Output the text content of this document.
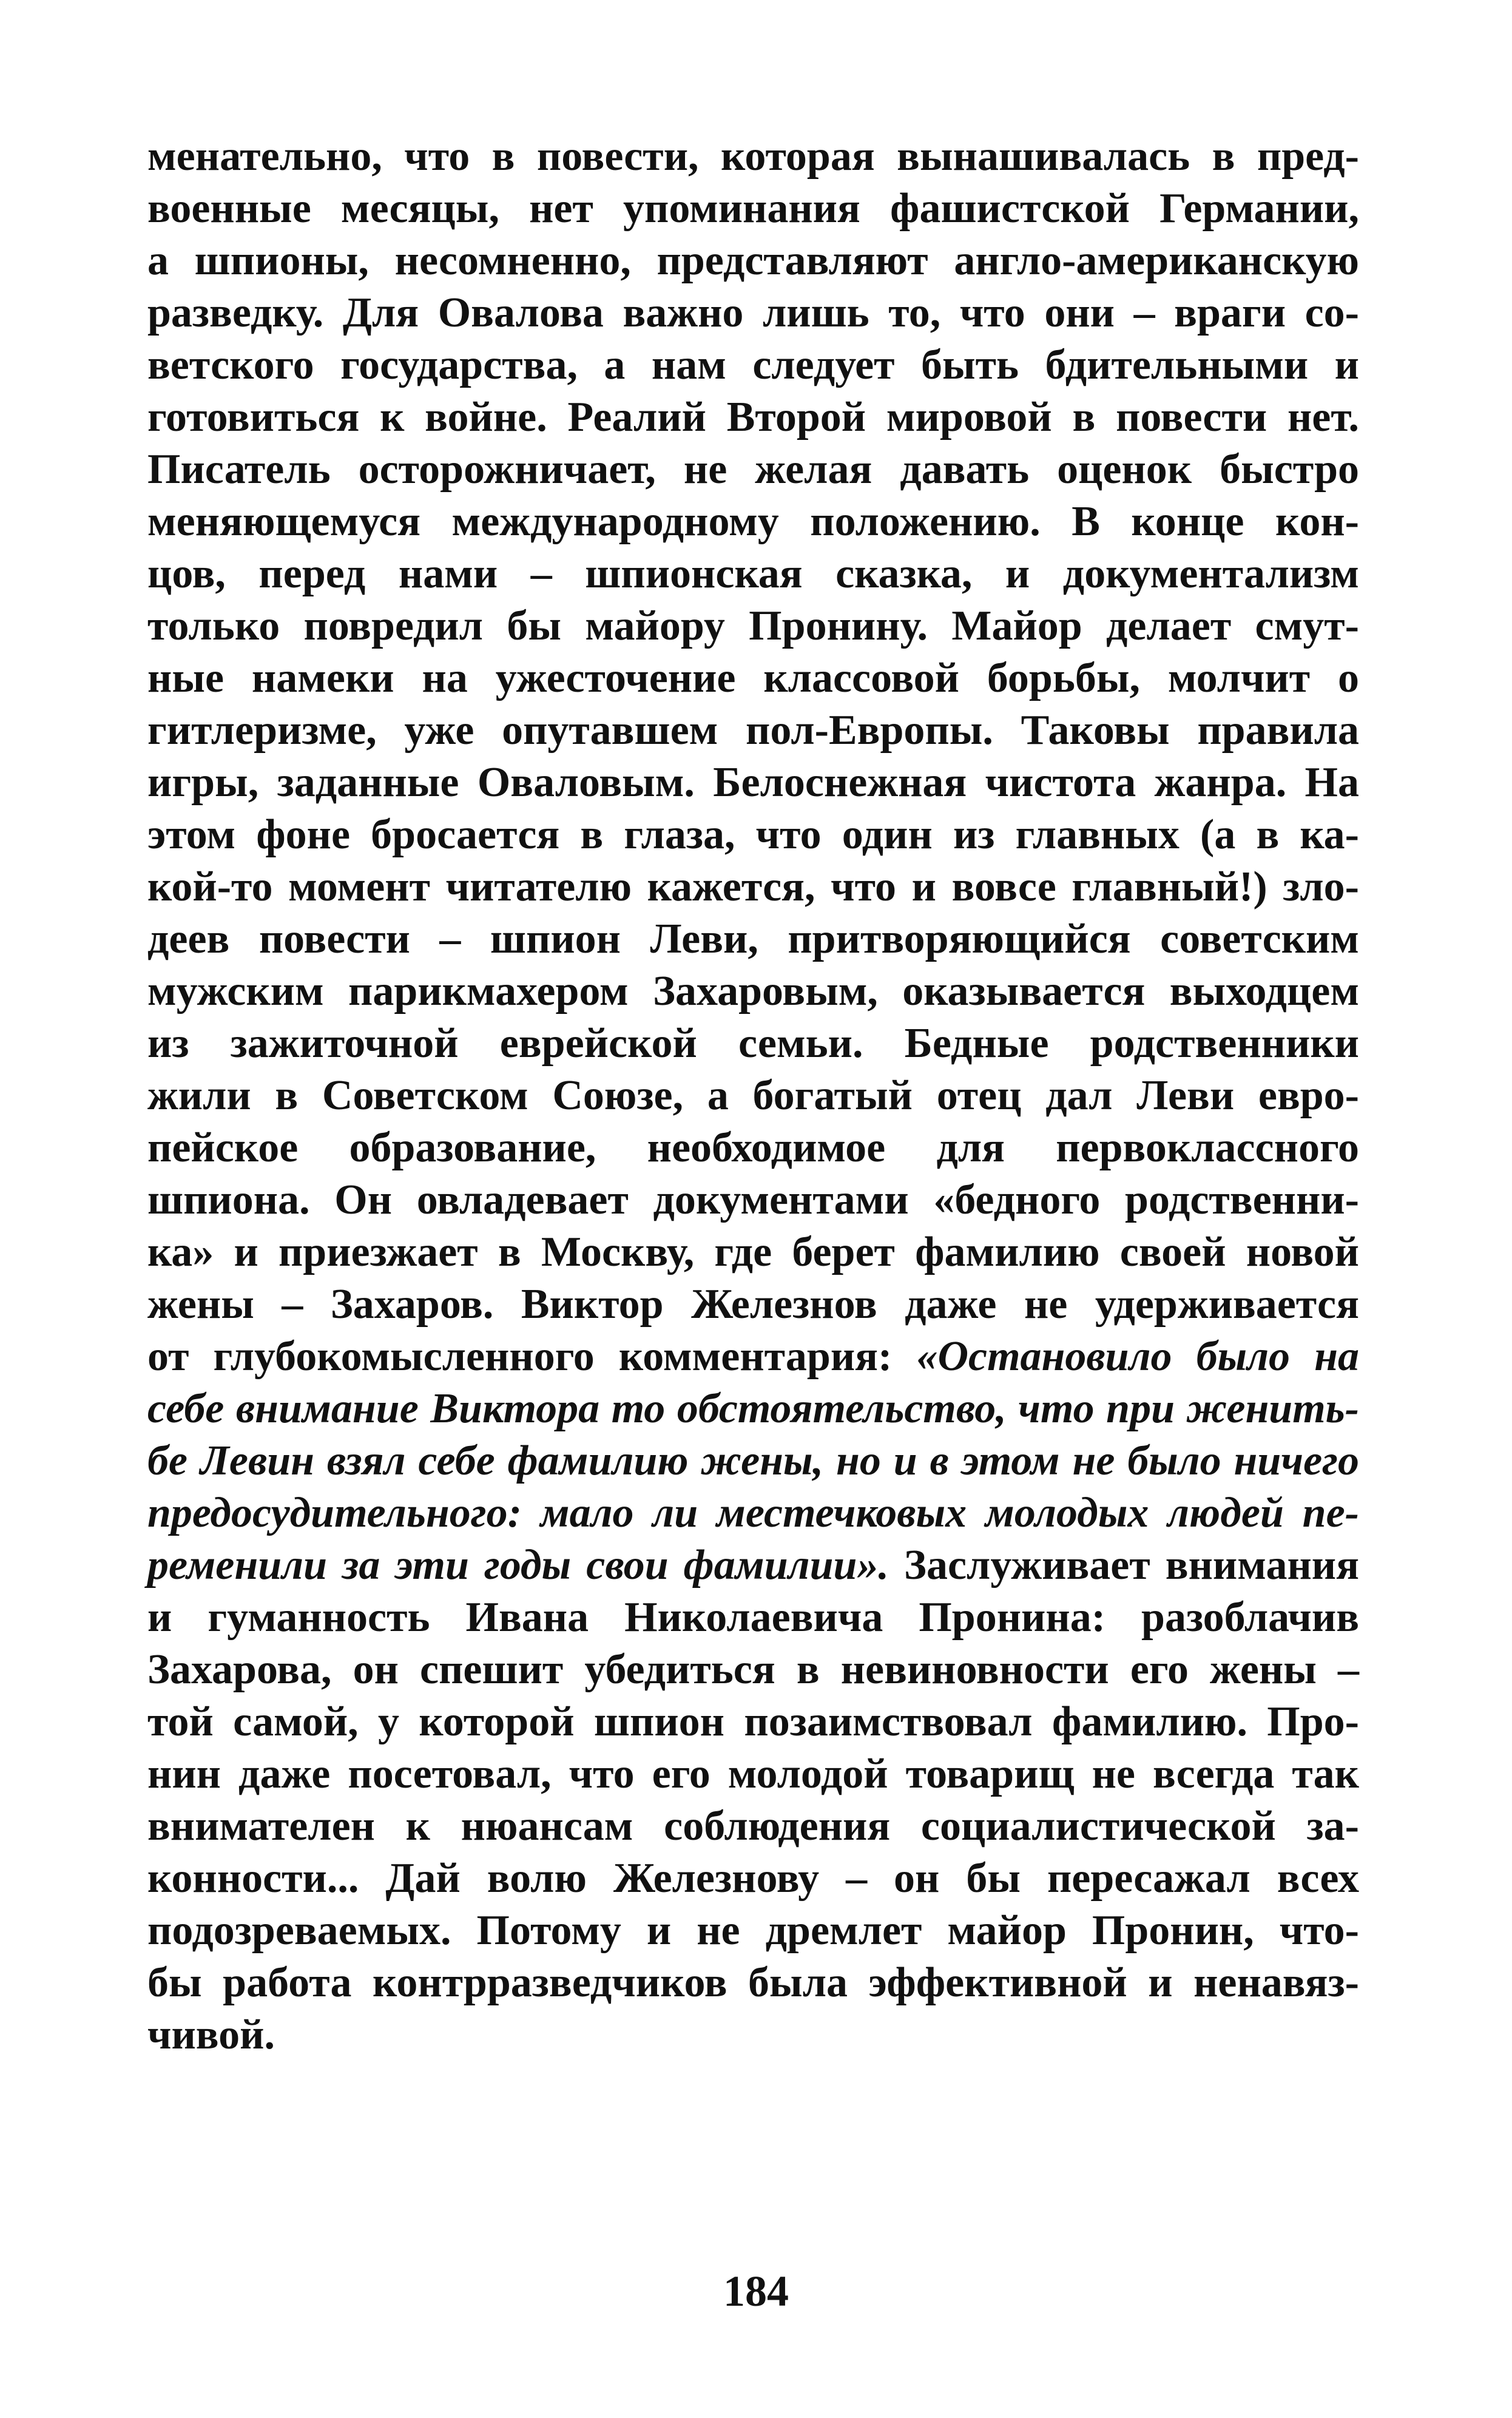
менательно, что в повести, которая вынашивалась в пред-
военные месяцы, нет упоминания фашистской Германии,
а шпионы, несомненно, представляют англо-американскую
разведку. Для Овалова важно лишь то, что они – враги со-
ветского государства, а нам следует быть бдительными и
готовиться к войне. Реалий Второй мировой в повести нет.
Писатель осторожничает, не желая давать оценок быстро
меняющемуся международному положению. В конце кон-
цов, перед нами – шпионская сказка, и документализм
только повредил бы майору Пронину. Майор делает смут-
ные намеки на ужесточение классовой борьбы, молчит о
гитлеризме, уже опутавшем пол-Европы. Таковы правила
игры, заданные Оваловым. Белоснежная чистота жанра. На
этом фоне бросается в глаза, что один из главных (а в ка-
кой-то момент читателю кажется, что и вовсе главный!) зло-
деев повести – шпион Леви, притворяющийся советским
мужским парикмахером Захаровым, оказывается выходцем
из зажиточной еврейской семьи. Бедные родственники
жили в Советском Союзе, а богатый отец дал Леви евро-
пейское образование, необходимое для первоклассного
шпиона. Он овладевает документами «бедного родственни-
ка» и приезжает в Москву, где берет фамилию своей новой
жены – Захаров. Виктор Железнов даже не удерживается
от глубокомысленного комментария: «Остановило было на
себе внимание Виктора то обстоятельство, что при женить-
бе Левин взял себе фамилию жены, но и в этом не было ничего
предосудительного: мало ли местечковых молодых людей пе-
ременили за эти годы свои фамилии». Заслуживает внимания
и гуманность Ивана Николаевича Пронина: разоблачив
Захарова, он спешит убедиться в невиновности его жены –
той самой, у которой шпион позаимствовал фамилию. Про-
нин даже посетовал, что его молодой товарищ не всегда так
внимателен к нюансам соблюдения социалистической за-
конности... Дай волю Железнову – он бы пересажал всех
подозреваемых. Потому и не дремлет майор Пронин, что-
бы работа контрразведчиков была эффективной и ненавяз-
чивой.
184
